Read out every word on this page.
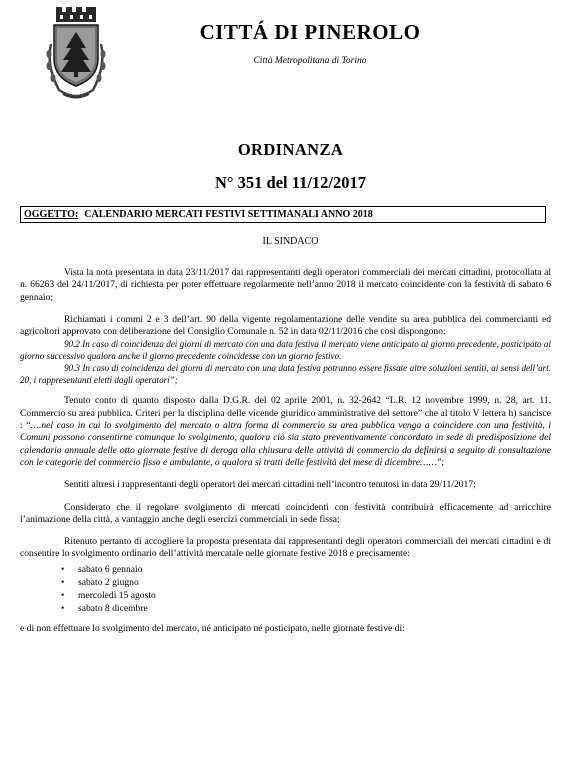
CITTÁ DI PINEROLO
Città Metropolitana di Torino
ORDINANZA
N° 351 del 11/12/2017
OGGETTO: CALENDARIO MERCATI FESTIVI SETTIMANALI ANNO 2018
IL SINDACO

Vista la nota presentata in data 23/11/2017 dai rappresentanti degli operatori commerciali dei mercati cittadini, protocollata al n. 66263 del 24/11/2017, di richiesta per poter effettuare regolarmente nell’anno 2018 il mercato coincidente con la festività di sabato 6 gennaio;

Richiamati i commi 2 e 3 dell’art. 90 della vigente regolamentazione delle vendite su area pubblica dei commercianti ed agricoltori approvato con deliberazione del Consiglio Comunale n. 52 in data 02/11/2016 che così dispongono:

90.2 In caso di coincidenza dei giorni di mercato con una data festiva il mercato viene anticipato al giorno precedente, posticipato al giorno successivo qualora anche il giorno precedente coincidesse con un giorno festivo.

90.3 In caso di coincidenza dei giorni di mercato con una data festiva potranno essere fissate altre soluzioni sentiti, ai sensi dell’art. 20, i rappresentanti eletti dagli operatori”;

Tenuto conto di quanto disposto dalla D.G.R. del 02 aprile 2001, n. 32-2642 “L.R. 12 novembre 1999, n. 28, art. 11. Commercio su area pubblica. Criteri per la disciplina delle vicende giuridico amministrative del settore” che al titolo V lettera h) sancisce : “….nel caso in cui lo svolgimento del mercato o altra forma di commercio su area pubblica venga a coincidere con una festività, i Comuni possono consentirne comunque lo svolgimento, qualora ciò sia stato preventivamente concordato in sede di predisposizione del calendario annuale delle otto giornate festive di deroga alla chiusura delle attività di commercio da definirsi a seguito di consultazione con le categorie del commercio fisso e ambulante, o qualora si tratti delle festività del mese di dicembre……”;

Sentiti altresì i rappresentanti degli operatori dei mercati cittadini nell’incontro tenutosi in data 29/11/2017;

Considerato che il regolare svolgimento di mercati coincidenti con festività contribuirà efficacemente ad arricchire l’animazione della città, a vantaggio anche degli esercizi commerciali in sede fissa;

Ritenuto pertanto di accogliere la proposta presentata dai rappresentanti degli operatori commerciali dei mercati cittadini e di consentire lo svolgimento ordinario dell’attività mercatale nelle giornate festive 2018 e precisamente:

• sabato 6 gennaio
• sabato 2 giugno
• mercoledì 15 agosto
• sabato 8 dicembre

e di non effettuare lo svolgimento del mercato, né anticipato né posticipato, nelle giornate festive di:
